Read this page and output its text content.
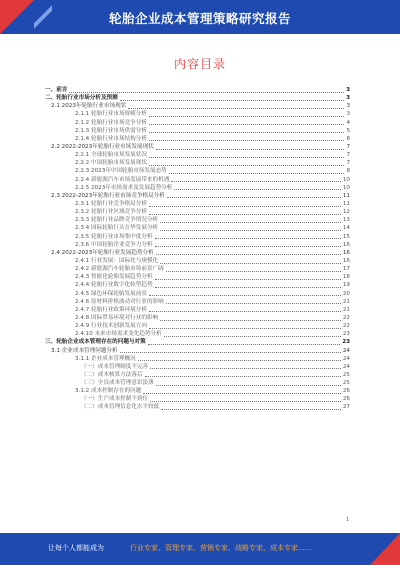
轮胎企业成本管理策略研究报告
内容目录
一、前言	3
二、轮胎行业市场分析及预测	3
2.1 2023年轮胎行业市场现状	3
2.1.1 轮胎行业市场规模分析	3
2.1.2 轮胎行业市场竞争分析	4
2.1.3 轮胎行业市场供需分析	5
2.1.4 轮胎行业市场结构分析	6
2.2 2022-2023年轮胎行业市场发展现状	7
2.2.1 全球轮胎市场发展状况	7
2.2.2 中国轮胎市场发展现状	7
2.2.3 2023年中国轮胎市场发展态势	8
2.2.4 新能源汽车市场发展带来的机遇	10
2.2.5 2023年市场需求及发展趋势分析	10
2.3 2022-2023年轮胎行业市场竞争格局分析	11
2.3.1 轮胎行业竞争格局分析	11
2.3.2 轮胎行业区域竞争分析	12
2.3.3 轮胎行业品牌竞争情况分析	13
2.3.4 国际轮胎巨头在华发展分析	14
2.3.5 轮胎行业市场集中度分析	15
2.3.6 中国轮胎企业竞争力分析	16
2.4 2022-2023年轮胎行业发展趋势分析	16
2.4.1 行业发展：国际化与规模化	16
2.4.2 新能源汽车轮胎市场前景广阔	17
2.4.3 智能化轮胎发展趋势分析	18
2.4.4 轮胎行业数字化转型趋势	19
2.4.5 绿色环保轮胎发展前景	20
2.4.6 原材料价格波动对行业的影响	21
2.4.7 轮胎行业政策环境分析	21
2.4.8 国际贸易环境对行业的影响	22
2.4.9 行业技术创新发展方向	22
2.4.10 未来市场需求变化趋势分析	23
三、轮胎企业成本管理存在的问题与对策	23
3.1 企业成本管理问题分析	24
3.1.1 企业成本管理概况	24
（一）成本管理制度不完善	24
（二）成本核算方法落后	25
（三）全员成本管理意识淡薄	25
3.1.2 成本控制存在的问题	26
（一）生产成本控制不到位	26
（二）成本管理信息化水平较低	27
1
让每个人都能成为	行业专家、管理专家、营销专家、战略专家、成本专家……
